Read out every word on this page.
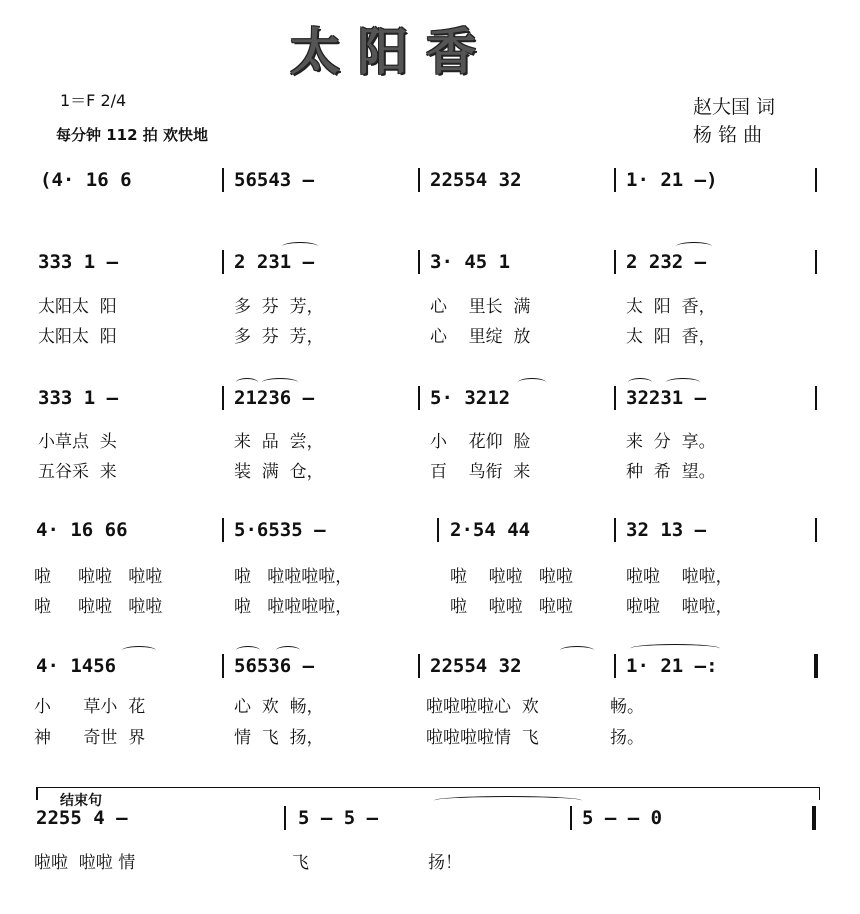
太阳香
1＝F 2/4
每分钟 112 拍 欢快地
赵大国 词
杨 铭 曲
(4· 16 6	56543 —	22554 32	1· 21 —)
333 1 —	2 231 —	3· 45 1	2 232 —
太阳太  阳	多  芬  芳，	心    里长  满	太  阳  香，
太阳太  阳	多  芬  芳，	心    里绽  放	太  阳  香，
333 1 —	21236 —	5· 3212	32231 —
小草点  头	来  品  尝，	小    花仰  脸	来  分  享。
五谷采  来	装  满  仓，	百    鸟衔  来	种  希  望。
4· 16 66	5·6535 —	2·54 44	32 13 —
啦     啦啦   啦啦	啦   啦啦啦啦，	啦    啦啦   啦啦	啦啦    啦啦，
啦     啦啦   啦啦	啦   啦啦啦啦，	啦    啦啦   啦啦	啦啦    啦啦，
4· 1456	56536 —	22554 32	1· 21 —:
小      草小  花	心  欢  畅，	啦啦啦啦心  欢	畅。
神      奇世  界	情  飞  扬，	啦啦啦啦情  飞	扬。
结束句
2255 4 —	5 — 5 —	5 — — 0
啦啦  啦啦 情	飞	扬！
